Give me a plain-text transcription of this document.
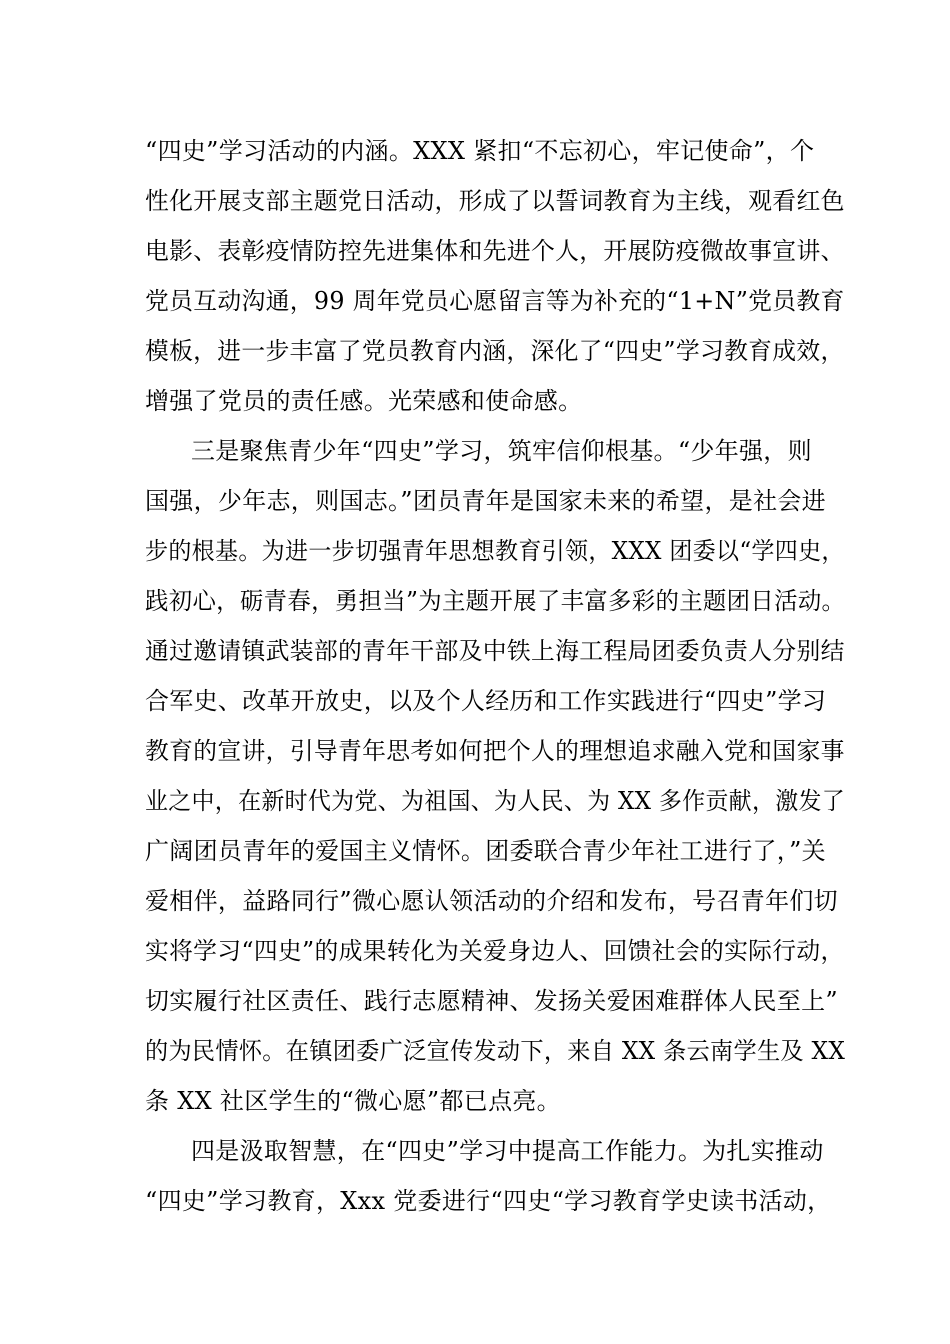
“四史”学习活动的内涵。XXX 紧扣“不忘初心，牢记使命”，个
性化开展支部主题党日活动，形成了以誓词教育为主线，观看红色
电影、表彰疫情防控先进集体和先进个人，开展防疫微故事宣讲、
党员互动沟通，99 周年党员心愿留言等为补充的“1+N”党员教育
模板，进一步丰富了党员教育内涵，深化了“四史”学习教育成效，
增强了党员的责任感。光荣感和使命感。
三是聚焦青少年“四史”学习，筑牢信仰根基。“少年强，则
国强，少年志，则国志。”团员青年是国家未来的希望，是社会进
步的根基。为进一步切强青年思想教育引领，XXX 团委以“学四史，
践初心，砺青春，勇担当”为主题开展了丰富多彩的主题团日活动。
通过邀请镇武装部的青年干部及中铁上海工程局团委负责人分别结
合军史、改革开放史，以及个人经历和工作实践进行“四史”学习
教育的宣讲，引导青年思考如何把个人的理想追求融入党和国家事
业之中，在新时代为党、为祖国、为人民、为 XX 多作贡献，激发了
广阔团员青年的爱国主义情怀。团委联合青少年社工进行了，”关
爱相伴，益路同行”微心愿认领活动的介绍和发布，号召青年们切
实将学习“四史”的成果转化为关爱身边人、回馈社会的实际行动，
切实履行社区责任、践行志愿精神、发扬关爱困难群体人民至上”
的为民情怀。在镇团委广泛宣传发动下，来自 XX 条云南学生及 XX
条 XX 社区学生的“微心愿”都已点亮。
四是汲取智慧，在“四史”学习中提高工作能力。为扎实推动
“四史”学习教育，Xxx 党委进行“四史“学习教育学史读书活动，
